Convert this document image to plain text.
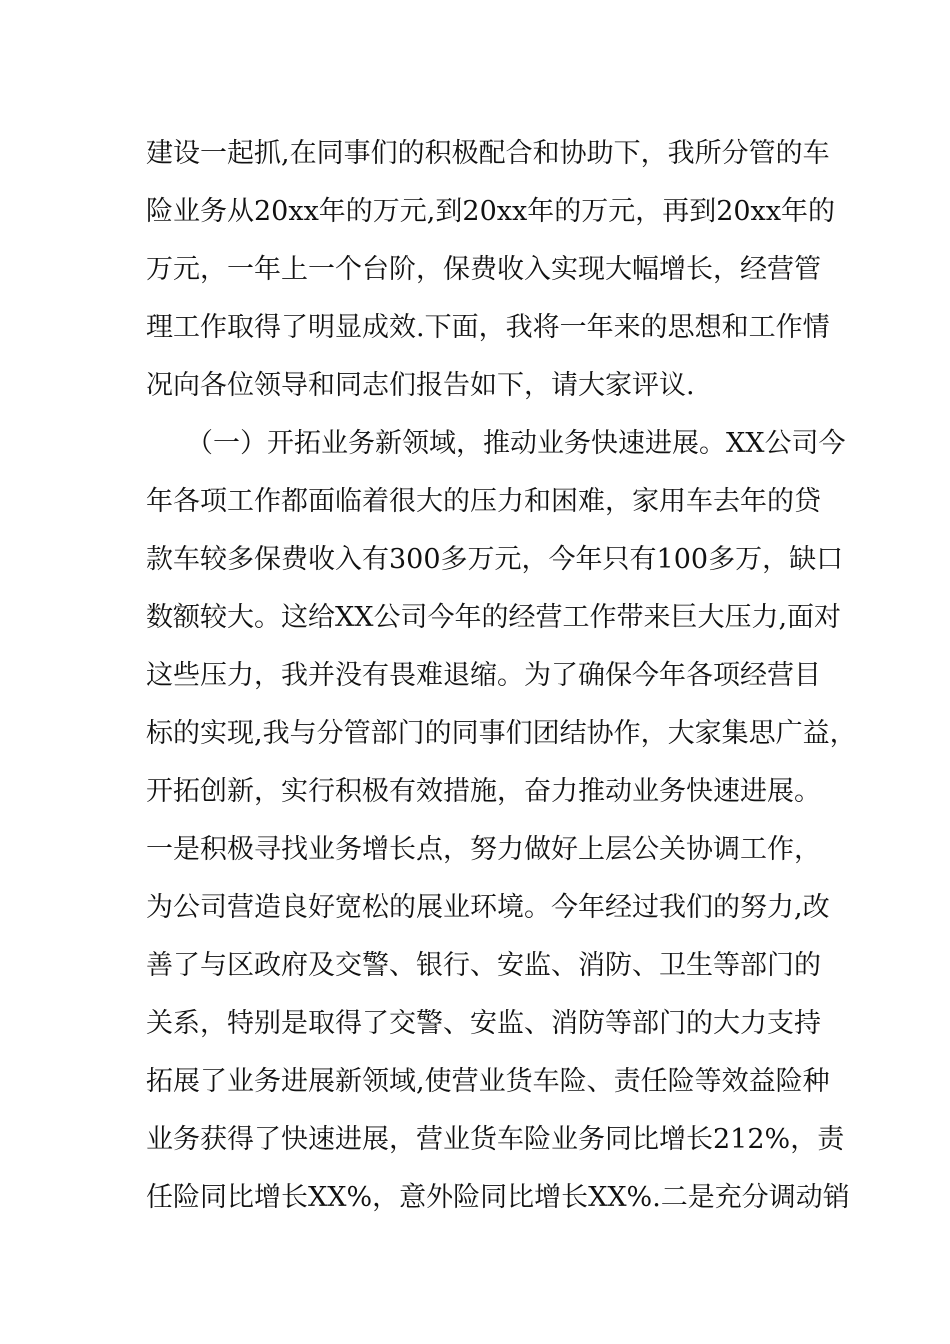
建设一起抓,在同事们的积极配合和协助下，我所分管的车
险业务从20xx年的万元,到20xx年的万元，再到20xx年的
万元，一年上一个台阶，保费收入实现大幅增长，经营管
理工作取得了明显成效.下面，我将一年来的思想和工作情
况向各位领导和同志们报告如下，请大家评议.
（一）开拓业务新领域，推动业务快速进展。XX公司今
年各项工作都面临着很大的压力和困难，家用车去年的贷
款车较多保费收入有300多万元，今年只有100多万，缺口
数额较大。这给XX公司今年的经营工作带来巨大压力,面对
这些压力，我并没有畏难退缩。为了确保今年各项经营目
标的实现,我与分管部门的同事们团结协作，大家集思广益，
开拓创新，实行积极有效措施，奋力推动业务快速进展。
一是积极寻找业务增长点，努力做好上层公关协调工作，
为公司营造良好宽松的展业环境。今年经过我们的努力,改
善了与区政府及交警、银行、安监、消防、卫生等部门的
关系，特别是取得了交警、安监、消防等部门的大力支持
拓展了业务进展新领域,使营业货车险、责任险等效益险种
业务获得了快速进展，营业货车险业务同比增长212%，责
任险同比增长XX%，意外险同比增长XX%.二是充分调动销
